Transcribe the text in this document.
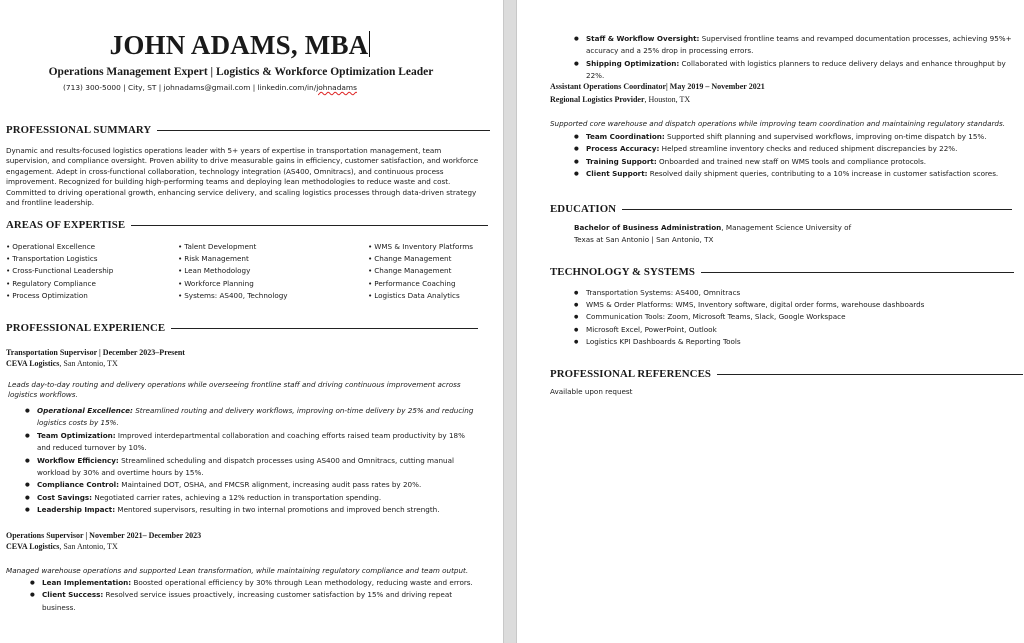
JOHN ADAMS, MBA
Operations Management Expert | Logistics & Workforce Optimization Leader
(713) 300-5000 | City, ST | johnadams@gmail.com | linkedin.com/in/johnadams
PROFESSIONAL SUMMARY
Dynamic and results-focused logistics operations leader with 5+ years of expertise in transportation management, team supervision, and compliance oversight. Proven ability to drive measurable gains in efficiency, customer satisfaction, and workforce engagement. Adept in cross-functional collaboration, technology integration (AS400, Omnitracs), and continuous process improvement. Recognized for building high-performing teams and deploying lean methodologies to reduce waste and cost. Committed to driving operational growth, enhancing service delivery, and scaling logistics processes through data-driven strategy and frontline leadership.
AREAS OF EXPERTISE
• Operational Excellence
• Transportation Logistics
• Cross-Functional Leadership
• Regulatory Compliance
• Process Optimization
• Talent Development
• Risk Management
• Lean Methodology
• Workforce Planning
• Systems: AS400, Technology
• WMS & Inventory Platforms
• Change Management
• Change Management
• Performance Coaching
• Logistics Data Analytics
PROFESSIONAL EXPERIENCE
Transportation Supervisor | December 2023–Present
CEVA Logistics, San Antonio, TX
Leads day-to-day routing and delivery operations while overseeing frontline staff and driving continuous improvement across logistics workflows.
● Operational Excellence: Streamlined routing and delivery workflows, improving on-time delivery by 25% and reducing logistics costs by 15%.
● Team Optimization: Improved interdepartmental collaboration and coaching efforts raised team productivity by 18% and reduced turnover by 10%.
● Workflow Efficiency: Streamlined scheduling and dispatch processes using AS400 and Omnitracs, cutting manual workload by 30% and overtime hours by 15%.
● Compliance Control: Maintained DOT, OSHA, and FMCSR alignment, increasing audit pass rates by 20%.
● Cost Savings: Negotiated carrier rates, achieving a 12% reduction in transportation spending.
● Leadership Impact: Mentored supervisors, resulting in two internal promotions and improved bench strength.
Operations Supervisor | November 2021– December 2023
CEVA Logistics, San Antonio, TX
Managed warehouse operations and supported Lean transformation, while maintaining regulatory compliance and team output.
● Lean Implementation: Boosted operational efficiency by 30% through Lean methodology, reducing waste and errors.
● Client Success: Resolved service issues proactively, increasing customer satisfaction by 15% and driving repeat business.
● Staff & Workflow Oversight: Supervised frontline teams and revamped documentation processes, achieving 95%+ accuracy and a 25% drop in processing errors.
● Shipping Optimization: Collaborated with logistics planners to reduce delivery delays and enhance throughput by 22%.
Assistant Operations Coordinator| May 2019 – November 2021
Regional Logistics Provider, Houston, TX
Supported core warehouse and dispatch operations while improving team coordination and maintaining regulatory standards.
● Team Coordination: Supported shift planning and supervised workflows, improving on-time dispatch by 15%.
● Process Accuracy: Helped streamline inventory checks and reduced shipment discrepancies by 22%.
● Training Support: Onboarded and trained new staff on WMS tools and compliance protocols.
● Client Support: Resolved daily shipment queries, contributing to a 10% increase in customer satisfaction scores.
EDUCATION
Bachelor of Business Administration, Management Science University of
Texas at San Antonio | San Antonio, TX
TECHNOLOGY & SYSTEMS
● Transportation Systems: AS400, Omnitracs
● WMS & Order Platforms: WMS, Inventory software, digital order forms, warehouse dashboards
● Communication Tools: Zoom, Microsoft Teams, Slack, Google Workspace
● Microsoft Excel, PowerPoint, Outlook
● Logistics KPI Dashboards & Reporting Tools
PROFESSIONAL REFERENCES
Available upon request
